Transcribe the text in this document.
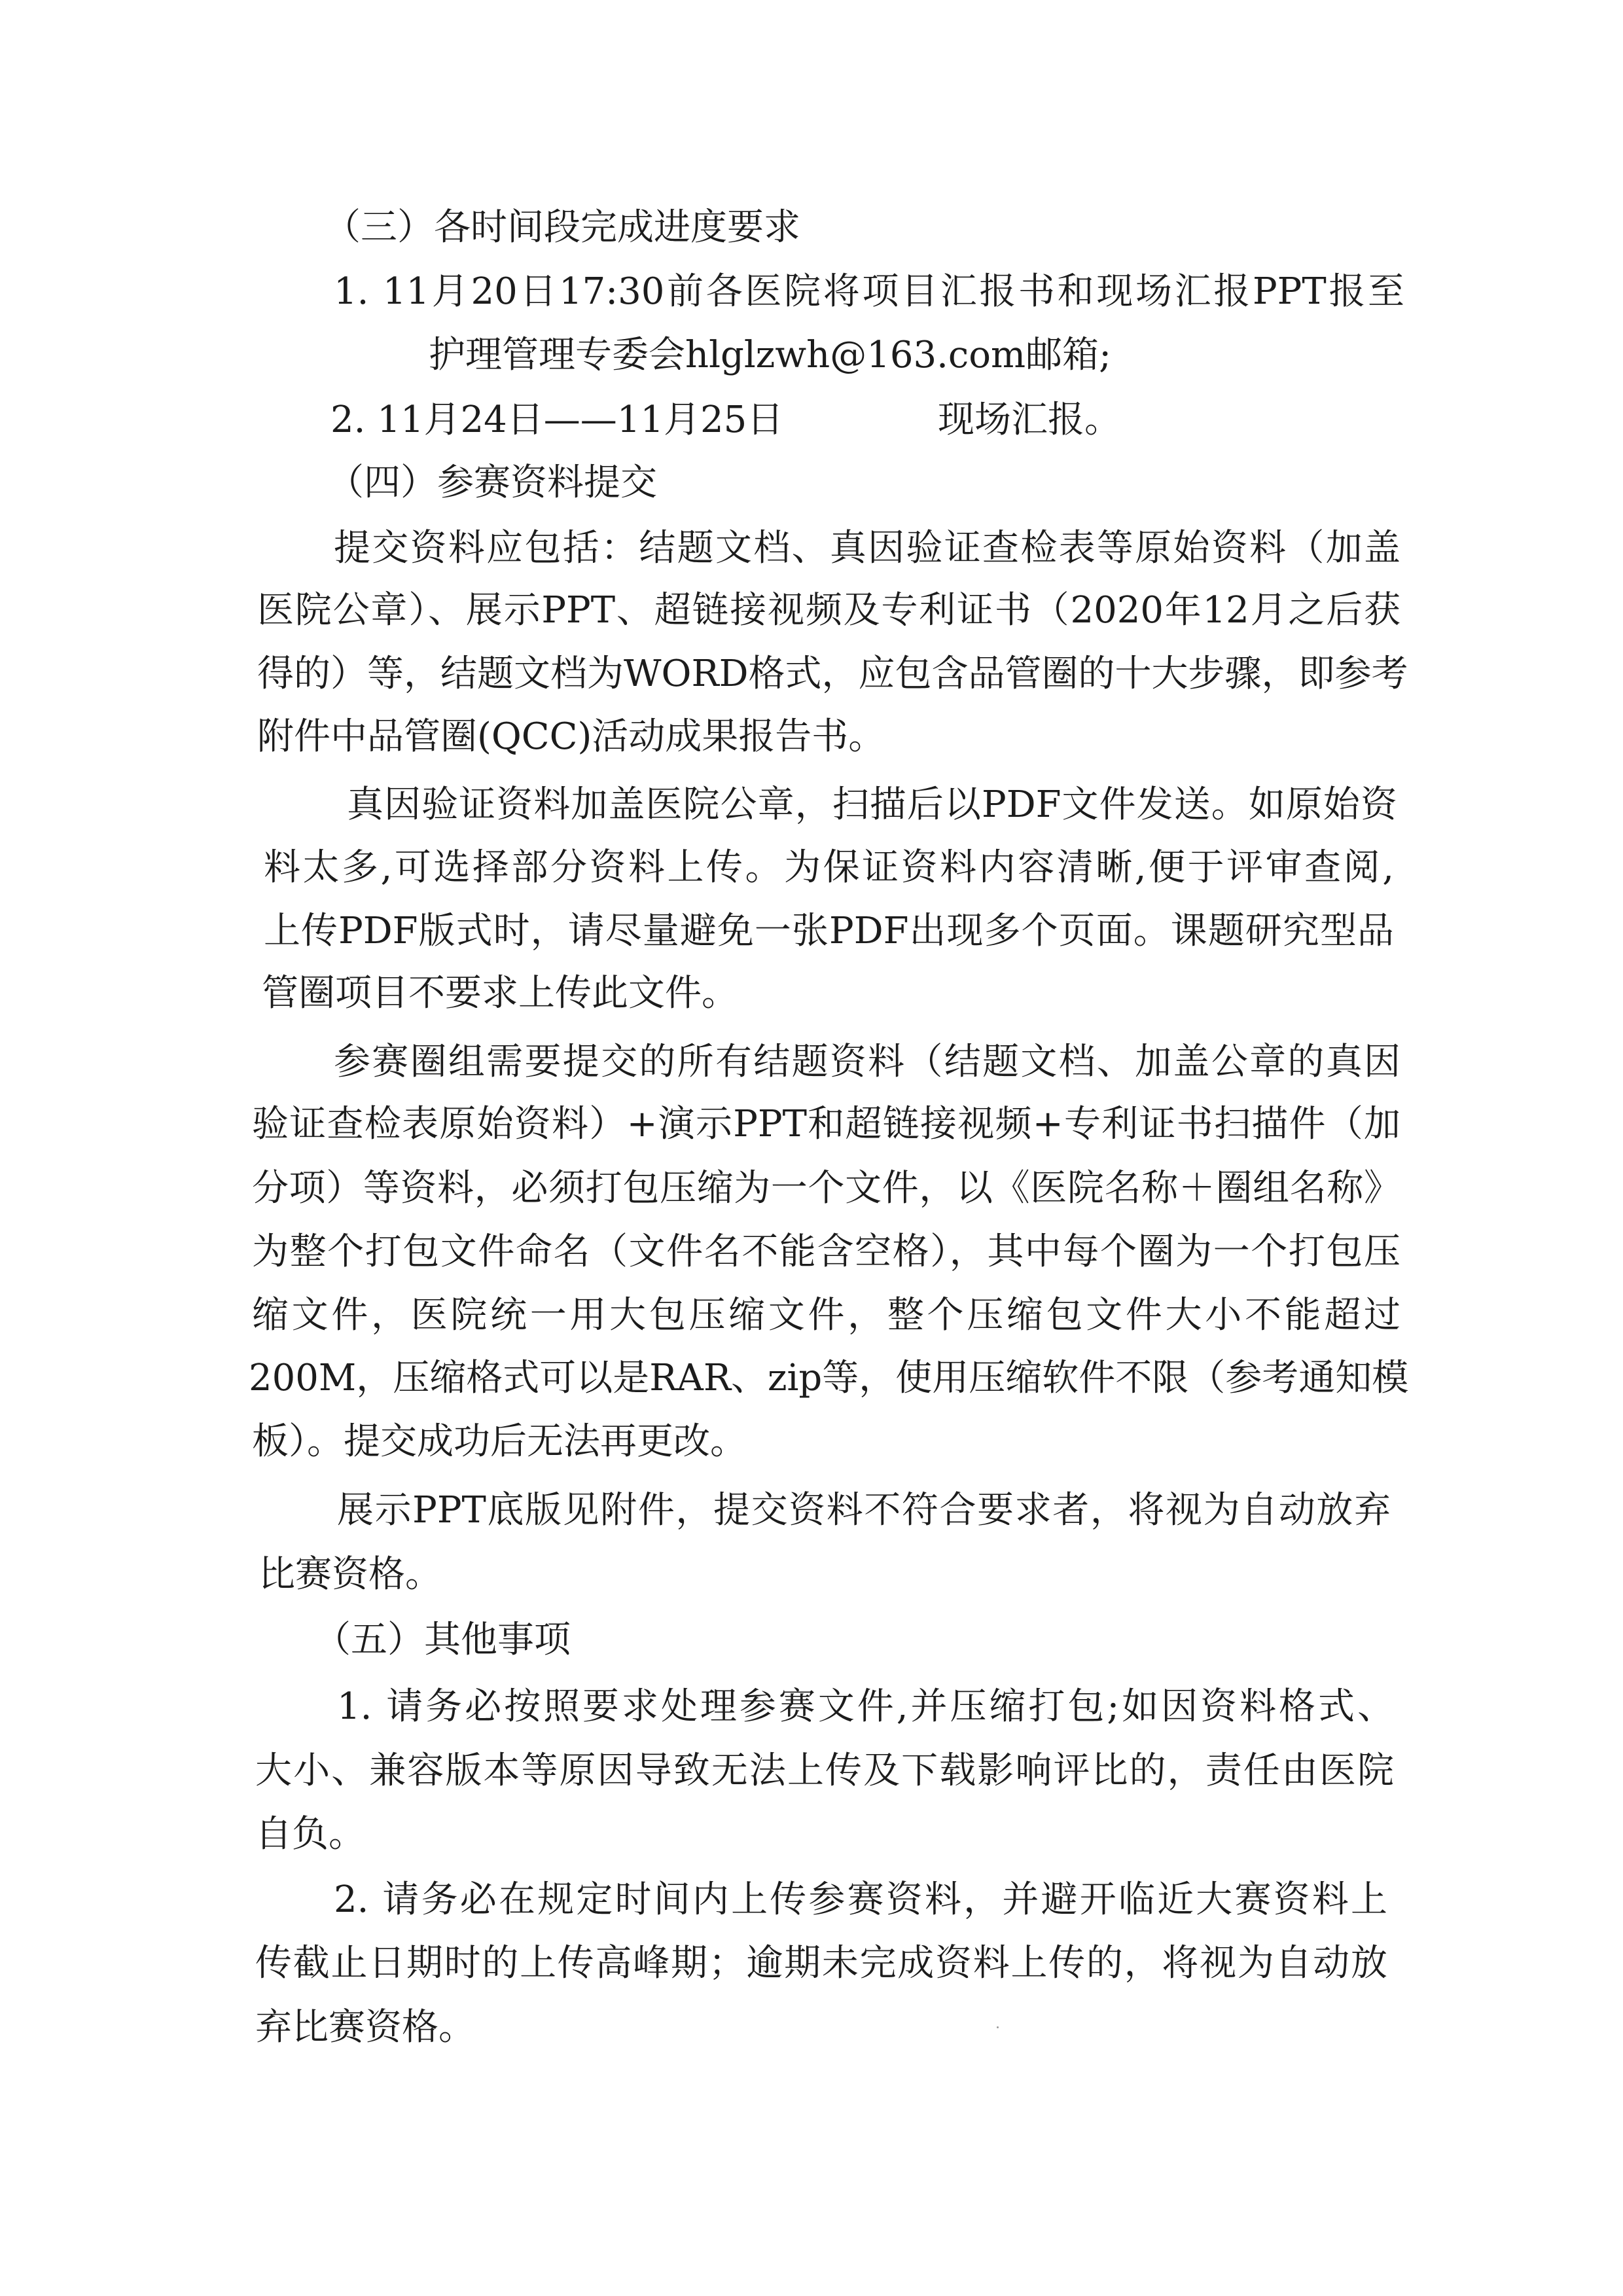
（三）各时间段完成进度要求
1. 11月20日17:30前各医院将项目汇报书和现场汇报PPT报至
护理管理专委会hlglzwh@163.com邮箱;
2. 11月24日——11月25日	现场汇报。
（四）参赛资料提交
提交资料应包括：结题文档、真因验证查检表等原始资料（加盖
医院公章）、展示PPT、超链接视频及专利证书（2020年12月之后获
得的）等，结题文档为WORD格式，应包含品管圈的十大步骤，即参考
附件中品管圈(QCC)活动成果报告书。
真因验证资料加盖医院公章，扫描后以PDF文件发送。如原始资
料太多,可选择部分资料上传。为保证资料内容清晰,便于评审查阅,
上传PDF版式时，请尽量避免一张PDF出现多个页面。课题研究型品
管圈项目不要求上传此文件。
参赛圈组需要提交的所有结题资料（结题文档、加盖公章的真因
验证查检表原始资料）+演示PPT和超链接视频+专利证书扫描件（加
分项）等资料，必须打包压缩为一个文件，以《医院名称＋圈组名称》
为整个打包文件命名（文件名不能含空格），其中每个圈为一个打包压
缩文件，医院统一用大包压缩文件，整个压缩包文件大小不能超过
200M，压缩格式可以是RAR、zip等，使用压缩软件不限（参考通知模
板）。提交成功后无法再更改。
展示PPT底版见附件，提交资料不符合要求者，将视为自动放弃
比赛资格。
（五）其他事项
1. 请务必按照要求处理参赛文件,并压缩打包;如因资料格式、
大小、兼容版本等原因导致无法上传及下载影响评比的，责任由医院
自负。
2. 请务必在规定时间内上传参赛资料，并避开临近大赛资料上
传截止日期时的上传高峰期；逾期未完成资料上传的，将视为自动放
弃比赛资格。
